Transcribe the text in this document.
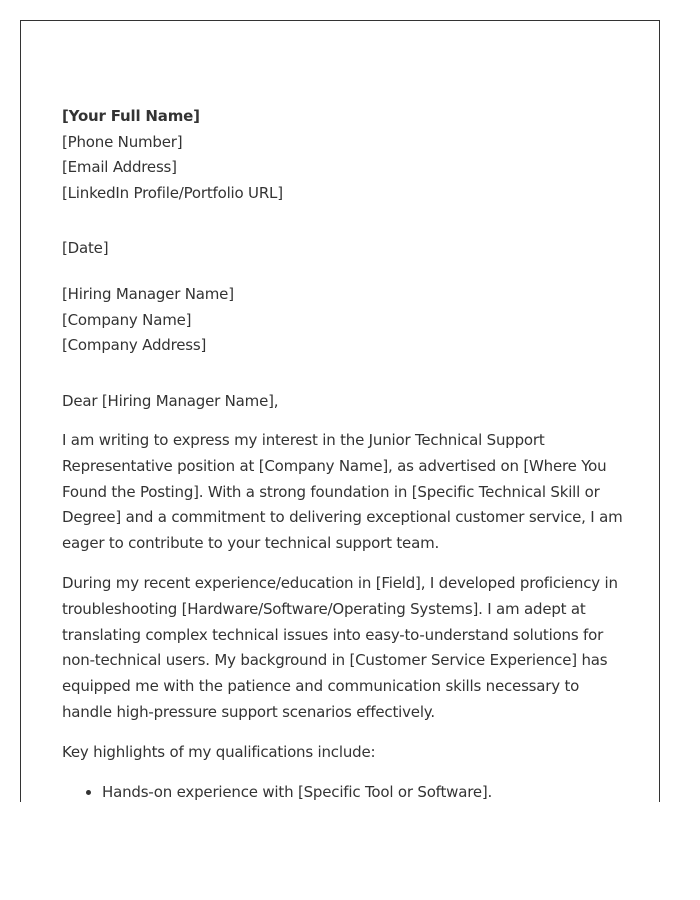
[Your Full Name]
[Phone Number]
[Email Address]
[LinkedIn Profile/Portfolio URL]
[Date]
[Hiring Manager Name]
[Company Name]
[Company Address]
Dear [Hiring Manager Name],

I am writing to express my interest in the Junior Technical Support Representative position at [Company Name], as advertised on [Where You Found the Posting]. With a strong foundation in [Specific Technical Skill or Degree] and a commitment to delivering exceptional customer service, I am eager to contribute to your technical support team.

During my recent experience/education in [Field], I developed proficiency in troubleshooting [Hardware/Software/Operating Systems]. I am adept at translating complex technical issues into easy-to-understand solutions for non-technical users. My background in [Customer Service Experience] has equipped me with the patience and communication skills necessary to handle high-pressure support scenarios effectively.

Key highlights of my qualifications include:

• Hands-on experience with [Specific Tool or Software].
